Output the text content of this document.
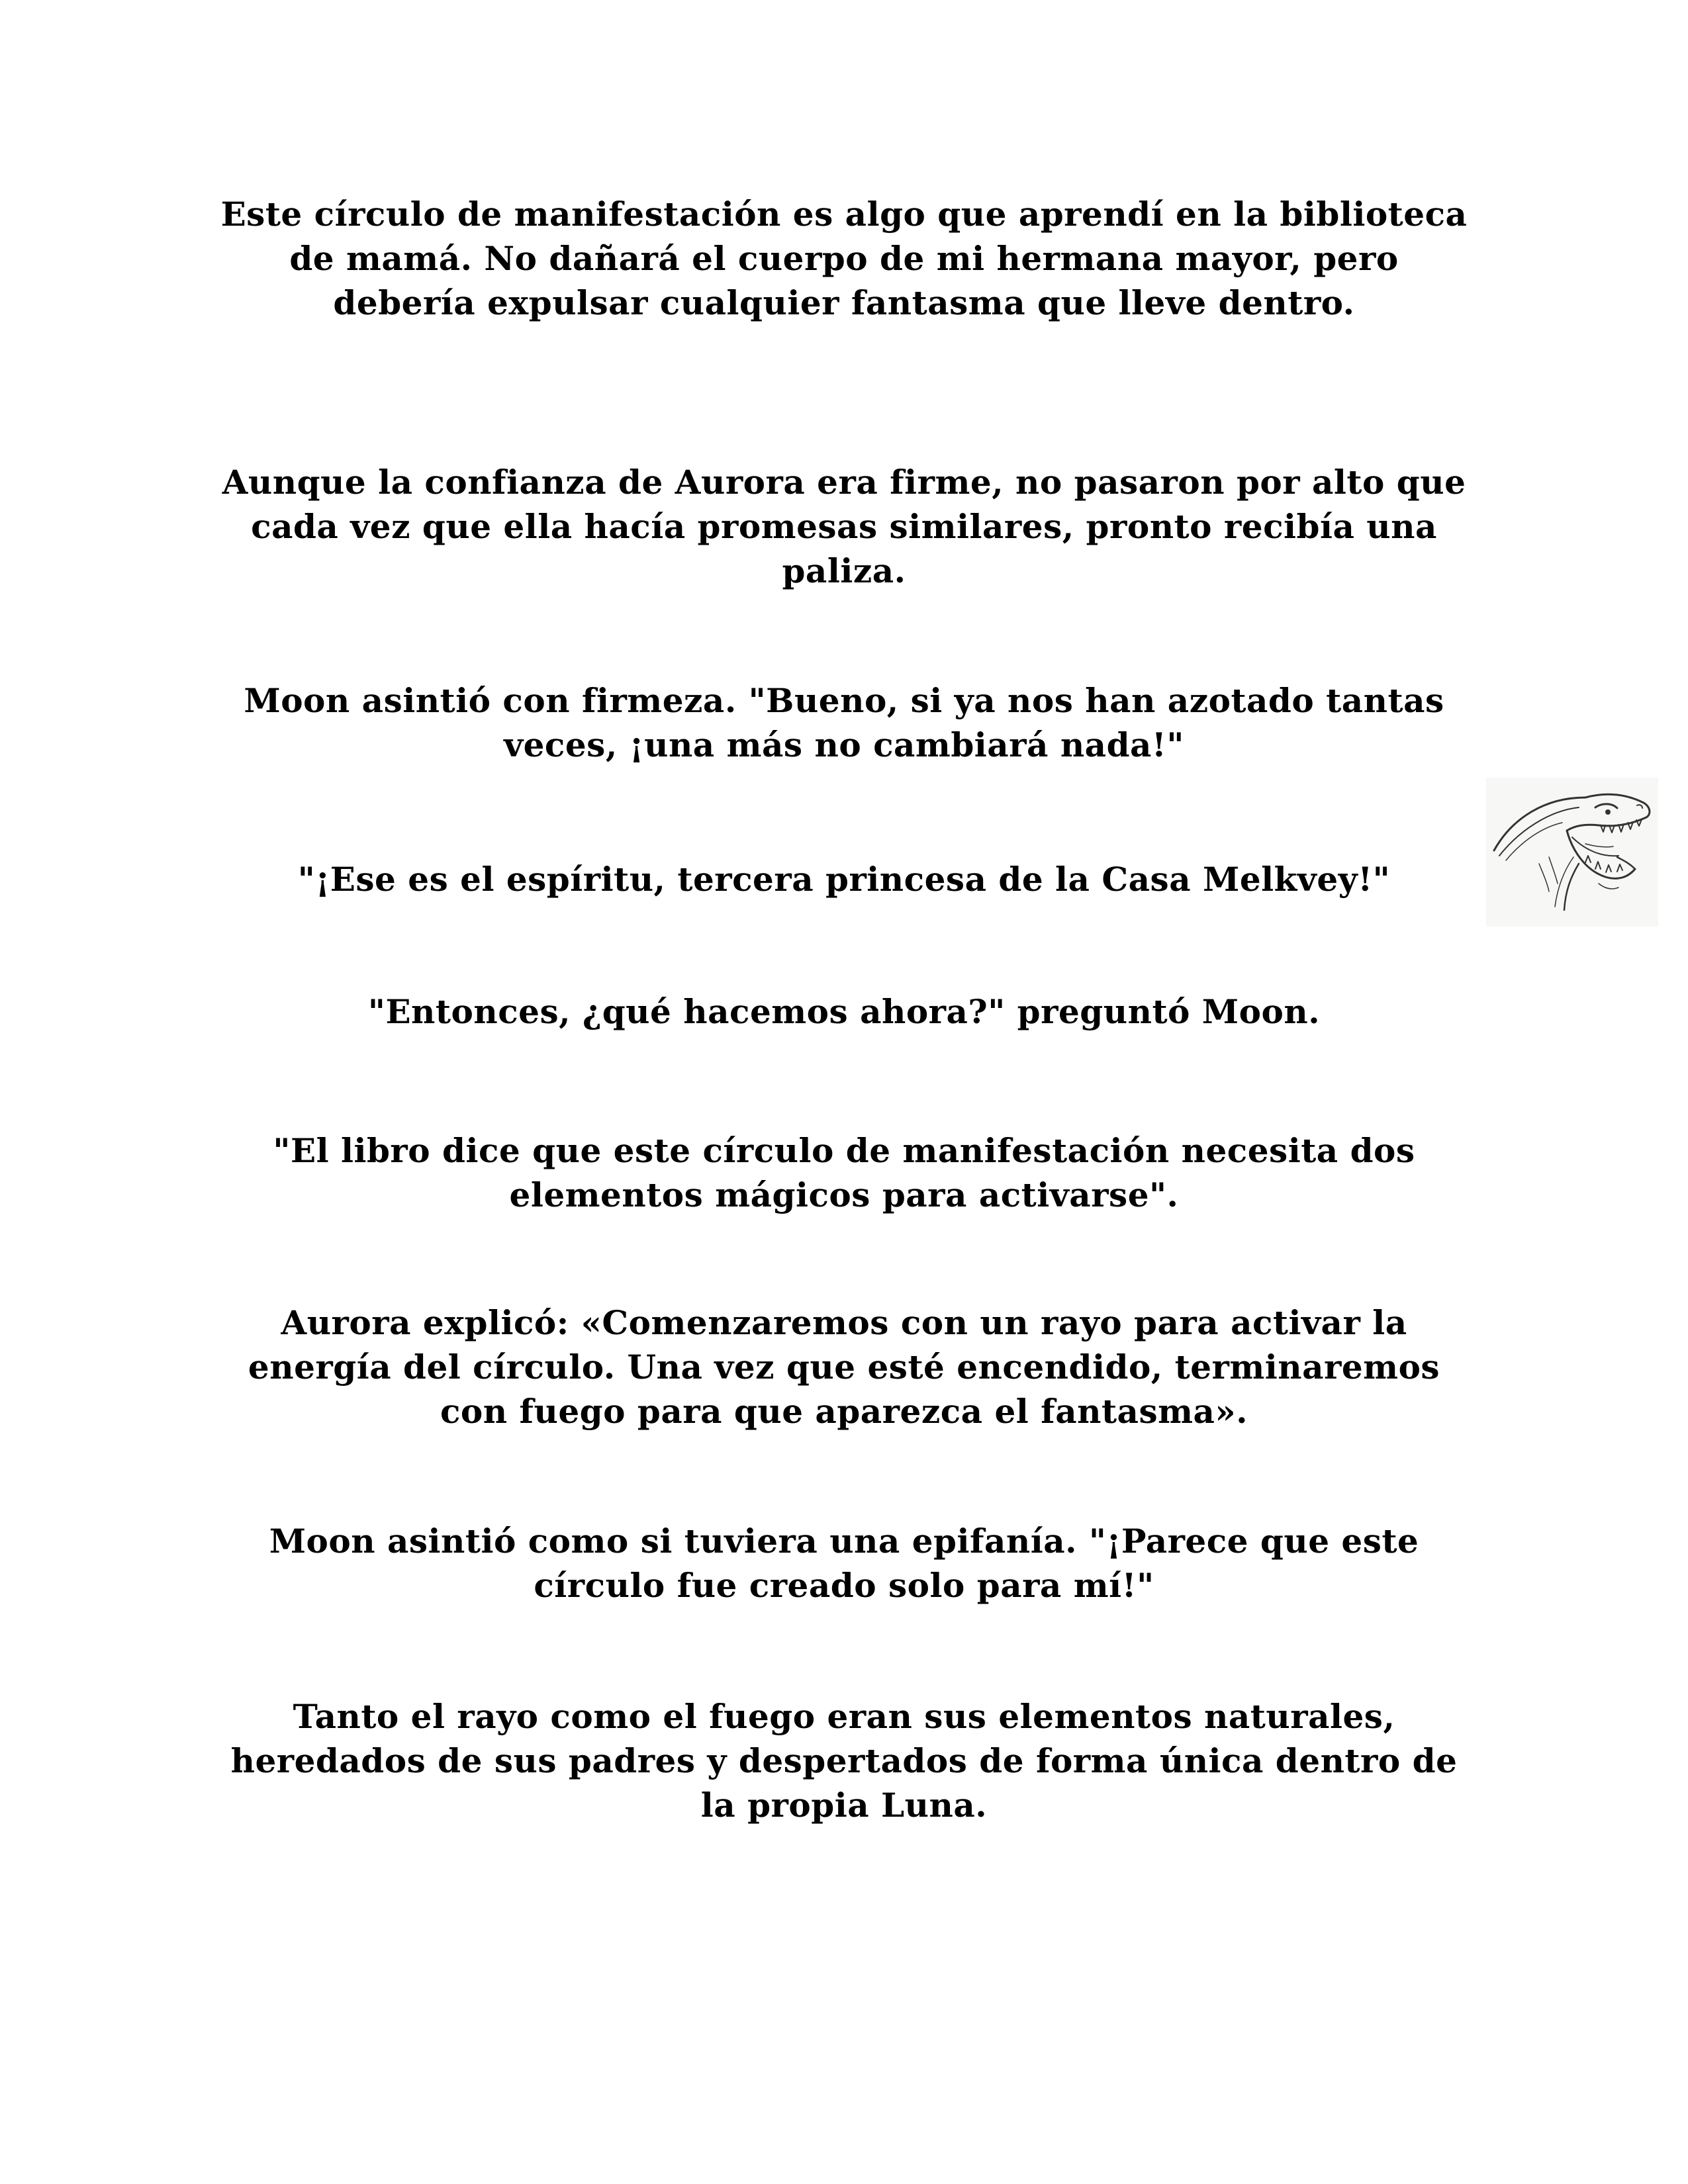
Este círculo de manifestación es algo que aprendí en la biblioteca de mamá. No dañará el cuerpo de mi hermana mayor, pero debería expulsar cualquier fantasma que lleve dentro.

Aunque la confianza de Aurora era firme, no pasaron por alto que cada vez que ella hacía promesas similares, pronto recibía una paliza.

Moon asintió con firmeza. "Bueno, si ya nos han azotado tantas veces, ¡una más no cambiará nada!"

"¡Ese es el espíritu, tercera princesa de la Casa Melkvey!"

"Entonces, ¿qué hacemos ahora?" preguntó Moon.

"El libro dice que este círculo de manifestación necesita dos elementos mágicos para activarse".

Aurora explicó: «Comenzaremos con un rayo para activar la energía del círculo. Una vez que esté encendido, terminaremos con fuego para que aparezca el fantasma».

Moon asintió como si tuviera una epifanía. "¡Parece que este círculo fue creado solo para mí!"

Tanto el rayo como el fuego eran sus elementos naturales, heredados de sus padres y despertados de forma única dentro de la propia Luna.
